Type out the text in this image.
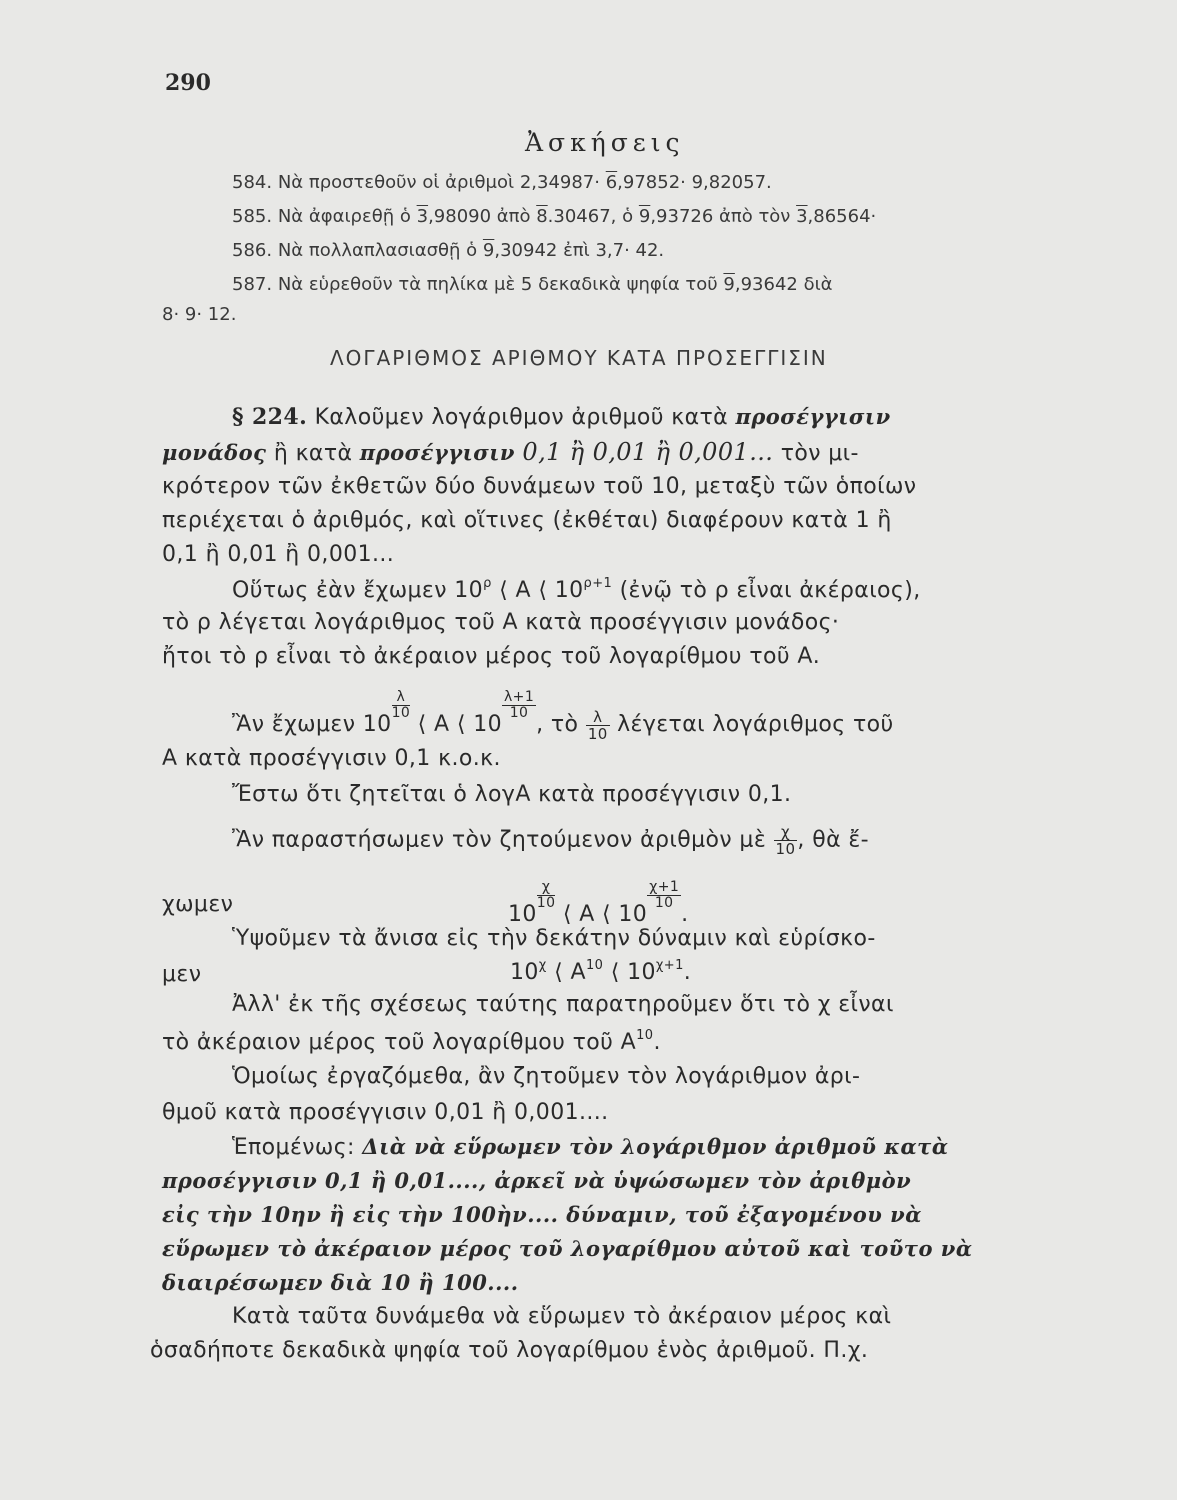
290
Ἀσκήσεις
584. Νὰ προστεθοῦν οἱ ἀριθμοὶ 2,34987· 6,97852· 9,82057.
585. Νὰ ἀφαιρεθῇ ὁ 3,98090 ἀπὸ 8.30467, ὁ 9,93726 ἀπὸ τὸν 3,86564·
586. Νὰ πολλαπλασιασθῇ ὁ 9,30942 ἐπὶ 3,7· 42.
587. Νὰ εὑρεθοῦν τὰ πηλίκα μὲ 5 δεκαδικὰ ψηφία τοῦ 9,93642 διὰ
8· 9· 12.
ΛΟΓΑΡΙΘΜΟΣ ΑΡΙΘΜΟΥ ΚΑΤΑ ΠΡΟΣΕΓΓΙΣΙΝ
§ 224. Καλοῦμεν λογάριθμον ἀριθμοῦ κατὰ προσέγγισιν
μονάδος ἢ κατὰ προσέγγισιν 0,1 ἢ 0,01 ἢ 0,001... τὸν μι-
κρότερον τῶν ἐκθετῶν δύο δυνάμεων τοῦ 10, μεταξὺ τῶν ὁποίων
περιέχεται ὁ ἀριθμός, καὶ οἵτινες (ἐκθέται) διαφέρουν κατὰ 1 ἢ
0,1 ἢ 0,01 ἢ 0,001...
Οὕτως ἐὰν ἔχωμεν $10^\rho$ ⟨ Α ⟨ $10^{\rho+1}$ (ἐνῷ τὸ ρ εἶναι ἀκέραιος),
τὸ ρ λέγεται λογάριθμος τοῦ Α κατὰ προσέγγισιν μονάδος·
ἤτοι τὸ ρ εἶναι τὸ ἀκέραιον μέρος τοῦ λογαρίθμου τοῦ Α.
Ἂν ἔχωμεν 10
$\frac{\lambda}{10}$
⟨ Α ⟨ 10
$\frac{\lambda+1}{10}$
, τὸ $\frac{\lambda}{10}$ λέγεται λογάριθμος τοῦ
Α κατὰ προσέγγισιν 0,1 κ.ο.κ.
Ἔστω ὅτι ζητεῖται ὁ λογΑ κατὰ προσέγγισιν 0,1.
Ἂν παραστήσωμεν τὸν ζητούμενον ἀριθμὸν μὲ $\frac{\chi}{10}$ , θὰ ἔ-
χωμεν	10
$\frac{\chi}{10}$
⟨ Α ⟨ 10
$\frac{\chi+1}{10}$
.
Ὑψοῦμεν τὰ ἄνισα εἰς τὴν δεκάτην δύναμιν καὶ εὑρίσκο-
μεν	$10^\chi$ ⟨ $A^{10}$ ⟨ $10^{\chi+1}$.
Ἀλλ' ἐκ τῆς σχέσεως ταύτης παρατηροῦμεν ὅτι τὸ χ εἶναι
τὸ ἀκέραιον μέρος τοῦ λογαρίθμου τοῦ $A^{10}$.
Ὁμοίως ἐργαζόμεθα, ἂν ζητοῦμεν τὸν λογάριθμον ἀρι-
θμοῦ κατὰ προσέγγισιν 0,01 ἢ 0,001....
Ἑπομένως: Διὰ νὰ εὕρωμεν τὸν λογάριθμον ἀριθμοῦ κατὰ
προσέγγισιν 0,1 ἢ 0,01...., ἀρκεῖ νὰ ὑψώσωμεν τὸν ἀριθμὸν
εἰς τὴν 10ην ἢ εἰς τὴν 100ὴν.... δύναμιν, τοῦ ἐξαγομένου νὰ
εὕρωμεν τὸ ἀκέραιον μέρος τοῦ λογαρίθμου αὐτοῦ καὶ τοῦτο νὰ
διαιρέσωμεν διὰ 10 ἢ 100....
Κατὰ ταῦτα δυνάμεθα νὰ εὕρωμεν τὸ ἀκέραιον μέρος καὶ
ὁσαδήποτε δεκαδικὰ ψηφία τοῦ λογαρίθμου ἑνὸς ἀριθμοῦ. Π.χ.
